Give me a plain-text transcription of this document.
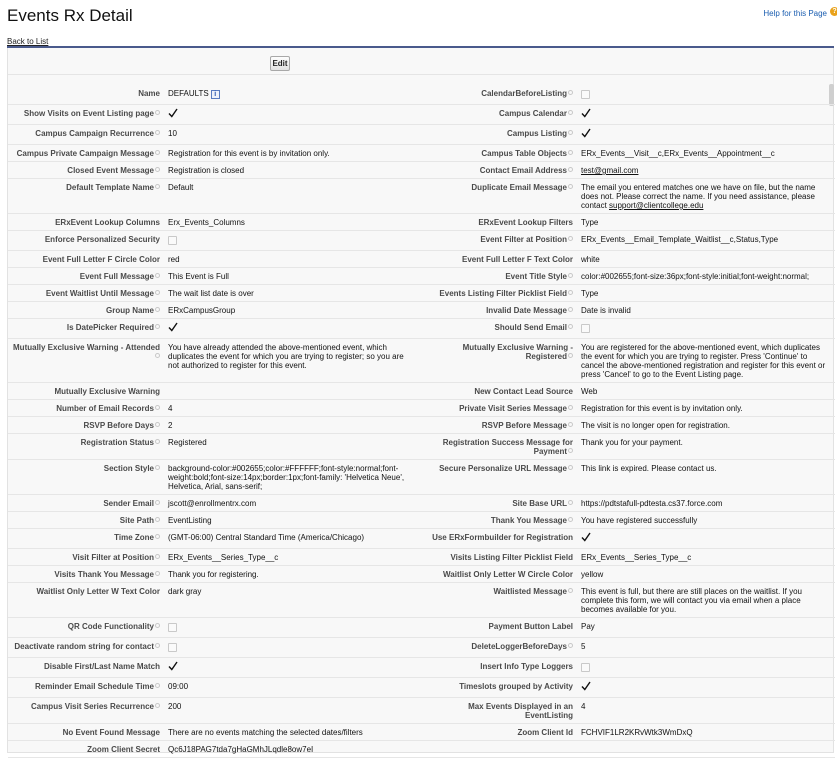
Events Rx Detail	Help for this Page ?
Back to List
Edit
Name	DEFAULTS i	CalendarBeforeListing	
Show Visits on Event Listing page		Campus Calendar	

Campus Campaign Recurrence	10	Campus Listing	

Campus Private Campaign Message	Registration for this event is by invitation only.	Campus Table Objects	ERx_Events__Visit__c,ERx_Events__Appointment__c
Closed Event Message	Registration is closed	Contact Email Address	test@gmail.com
Default Template Name	Default	Duplicate Email Message	The email you entered matches one we have on file, but the name does not. Please correct the name. If you need assistance, please contact support@clientcollege.edu
ERxEvent Lookup Columns	Erx_Events_Columns	ERxEvent Lookup Filters	Type
Enforce Personalized Security		Event Filter at Position	ERx_Events__Email_Template_Waitlist__c,Status,Type
Event Full Letter F Circle Color	red	Event Full Letter F Text Color	white
Event Full Message	This Event is Full	Event Title Style	color:#002655;font-size:36px;font-style:initial;font-weight:normal;
Event Waitlist Until Message	The wait list date is over	Events Listing Filter Picklist Field	Type
Group Name	ERxCampusGroup	Invalid Date Message	Date is invalid
Is DatePicker Required		Should Send Email	
Mutually Exclusive Warning - Attended	You have already attended the above-mentioned event, which duplicates the event for which you are trying to register; so you are not authorized to register for this event.	Mutually Exclusive Warning - Registered	You are registered for the above-mentioned event, which duplicates the event for which you are trying to register. Press 'Continue' to cancel the above-mentioned registration and register for this event or press 'Cancel' to go to the Event Listing page.
Mutually Exclusive Warning		New Contact Lead Source	Web
Number of Email Records	4	Private Visit Series Message	Registration for this event is by invitation only.
RSVP Before Days	2	RSVP Before Message	The visit is no longer open for registration.
Registration Status	Registered	Registration Success Message for Payment	Thank you for your payment.
Section Style	background-color:#002655;color:#FFFFFF;font-style:normal;font-weight:bold;font-size:14px;border:1px;font-family: 'Helvetica Neue', Helvetica, Arial, sans-serif;	Secure Personalize URL Message	This link is expired. Please contact us.
Sender Email	jscott@enrollmentrx.com	Site Base URL	https://pdtstafull-pdtesta.cs37.force.com
Site Path	EventListing	Thank You Message	You have registered successfully
Time Zone	(GMT-06:00) Central Standard Time (America/Chicago)	Use ERxFormbuilder for Registration	

Visit Filter at Position	ERx_Events__Series_Type__c	Visits Listing Filter Picklist Field	ERx_Events__Series_Type__c
Visits Thank You Message	Thank you for registering.	Waitlist Only Letter W Circle Color	yellow
Waitlist Only Letter W Text Color	dark gray	Waitlisted Message	This event is full, but there are still places on the waitlist. If you complete this form, we will contact you via email when a place becomes available for you.
QR Code Functionality		Payment Button Label	Pay
Deactivate random string for contact		DeleteLoggerBeforeDays	5
Disable First/Last Name Match		Insert Info Type Loggers	
Reminder Email Schedule Time	09:00	Timeslots grouped by Activity	

Campus Visit Series Recurrence	200	Max Events Displayed in an EventListing	4
No Event Found Message	There are no events matching the selected dates/filters	Zoom Client Id	FCHVIF1LR2KRvWtk3WmDxQ
Zoom Client Secret	Qc6J18PAG7tda7gHaGMhJLqdle8ow7eI		
